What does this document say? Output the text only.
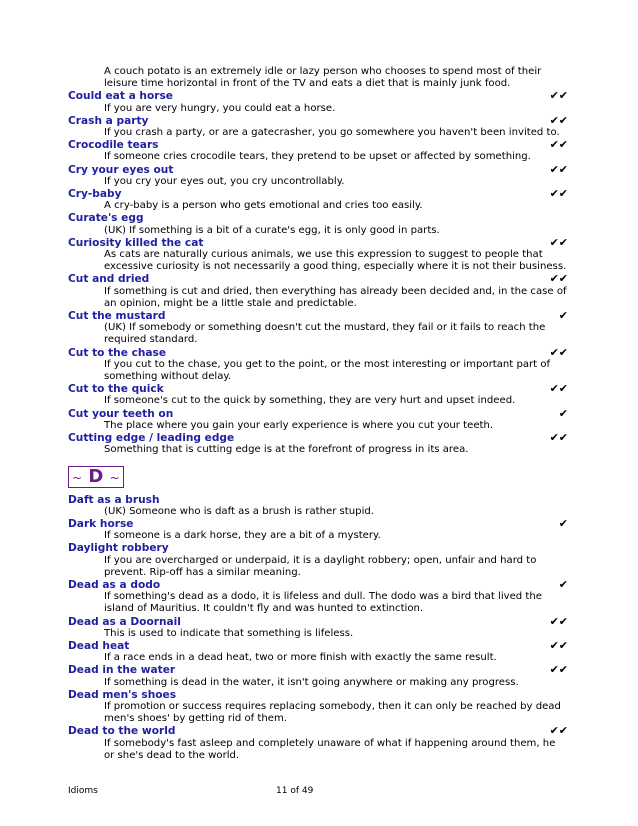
A couch potato is an extremely idle or lazy person who chooses to spend most of their leisure time horizontal in front of the TV and eats a diet that is mainly junk food.
Could eat a horse	✔✔
If you are very hungry, you could eat a horse.
Crash a party	✔✔
If you crash a party, or are a gatecrasher, you go somewhere you haven't been invited to.
Crocodile tears	✔✔
If someone cries crocodile tears, they pretend to be upset or affected by something.
Cry your eyes out	✔✔
If you cry your eyes out, you cry uncontrollably.
Cry-baby	✔✔
A cry-baby is a person who gets emotional and cries too easily.
Curate's egg
(UK) If something is a bit of a curate's egg, it is only good in parts.
Curiosity killed the cat	✔✔
As cats are naturally curious animals, we use this expression to suggest to people that excessive curiosity is not necessarily a good thing, especially where it is not their business.
Cut and dried	✔✔
If something is cut and dried, then everything has already been decided and, in the case of an opinion, might be a little stale and predictable.
Cut the mustard	✔
(UK) If somebody or something doesn't cut the mustard, they fail or it fails to reach the required standard.
Cut to the chase	✔✔
If you cut to the chase, you get to the point, or the most interesting or important part of something without delay.
Cut to the quick	✔✔
If someone's cut to the quick by something, they are very hurt and upset indeed.
Cut your teeth on	✔
The place where you gain your early experience is where you cut your teeth.
Cutting edge / leading edge	✔✔
Something that is cutting edge is at the forefront of progress in its area.
~ D ~
Daft as a brush
(UK) Someone who is daft as a brush is rather stupid.
Dark horse	✔
If someone is a dark horse, they are a bit of a mystery.
Daylight robbery
If you are overcharged or underpaid, it is a daylight robbery; open, unfair and hard to prevent. Rip-off has a similar meaning.
Dead as a dodo	✔
If something's dead as a dodo, it is lifeless and dull. The dodo was a bird that lived the island of Mauritius. It couldn't fly and was hunted to extinction.
Dead as a Doornail	✔✔
This is used to indicate that something is lifeless.
Dead heat	✔✔
If a race ends in a dead heat, two or more finish with exactly the same result.
Dead in the water	✔✔
If something is dead in the water, it isn't going anywhere or making any progress.
Dead men's shoes
If promotion or success requires replacing somebody, then it can only be reached by dead men's shoes' by getting rid of them.
Dead to the world	✔✔
If somebody's fast asleep and completely unaware of what if happening around them, he or she's dead to the world.
Idioms	11 of 49
